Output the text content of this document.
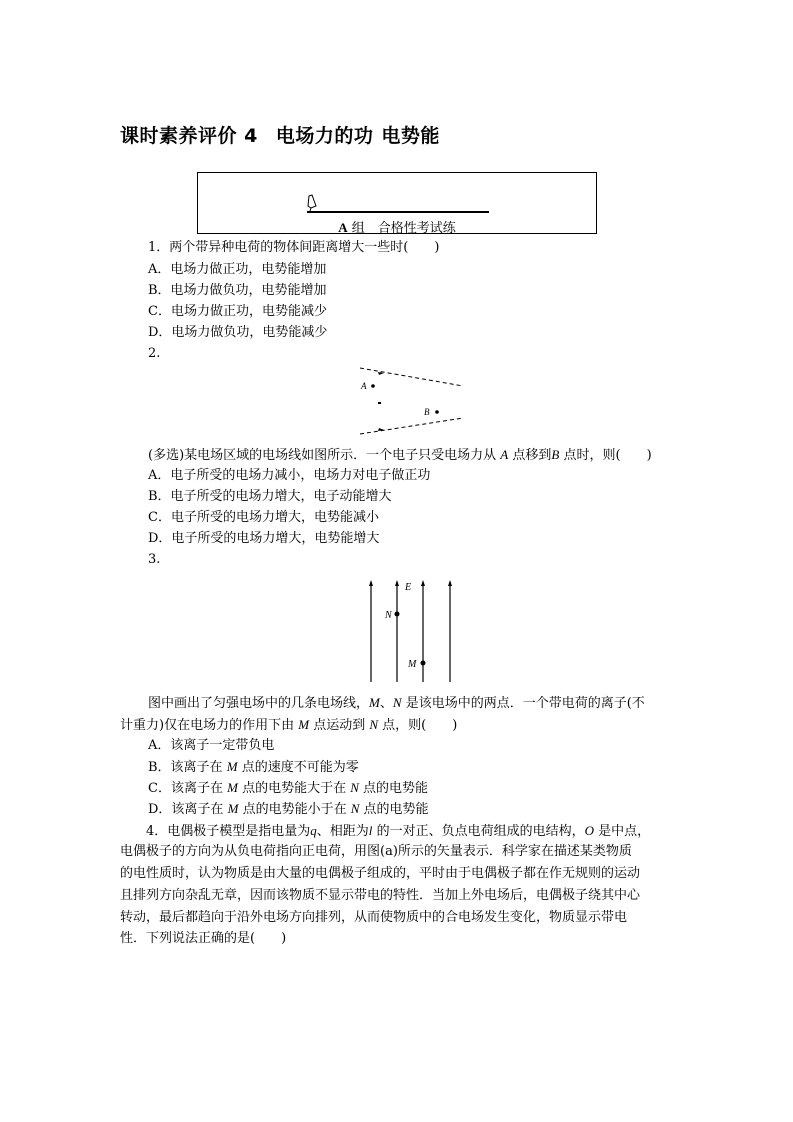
课时素养评价 4 电场力的功 电势能
A 组　合格性考试练
1．两个带异种电荷的物体间距离增大一些时(　　)
A．电场力做正功，电势能增加
B．电场力做负功，电势能增加
C．电场力做正功，电势能减少
D．电场力做负功，电势能减少
2.
A
B
(多选)某电场区域的电场线如图所示．一个电子只受电场力从 A 点移到B 点时，则(　　)
A．电子所受的电场力减小，电场力对电子做正功
B．电子所受的电场力增大，电子动能增大
C．电子所受的电场力增大，电势能减小
D．电子所受的电场力增大，电势能增大
3.
E
N
M
图中画出了匀强电场中的几条电场线，M、N 是该电场中的两点．一个带电荷的离子(不
计重力)仅在电场力的作用下由 M 点运动到 N 点，则(　　)
A．该离子一定带负电
B．该离子在 M 点的速度不可能为零
C．该离子在 M 点的电势能大于在 N 点的电势能
D．该离子在 M 点的电势能小于在 N 点的电势能
4．电偶极子模型是指电量为q、相距为l 的一对正、负点电荷组成的电结构，O 是中点，
电偶极子的方向为从负电荷指向正电荷，用图(a)所示的矢量表示．科学家在描述某类物质
的电性质时，认为物质是由大量的电偶极子组成的，平时由于电偶极子都在作无规则的运动
且排列方向杂乱无章，因而该物质不显示带电的特性．当加上外电场后，电偶极子绕其中心
转动，最后都趋向于沿外电场方向排列，从而使物质中的合电场发生变化，物质显示带电
性．下列说法正确的是(　　)
